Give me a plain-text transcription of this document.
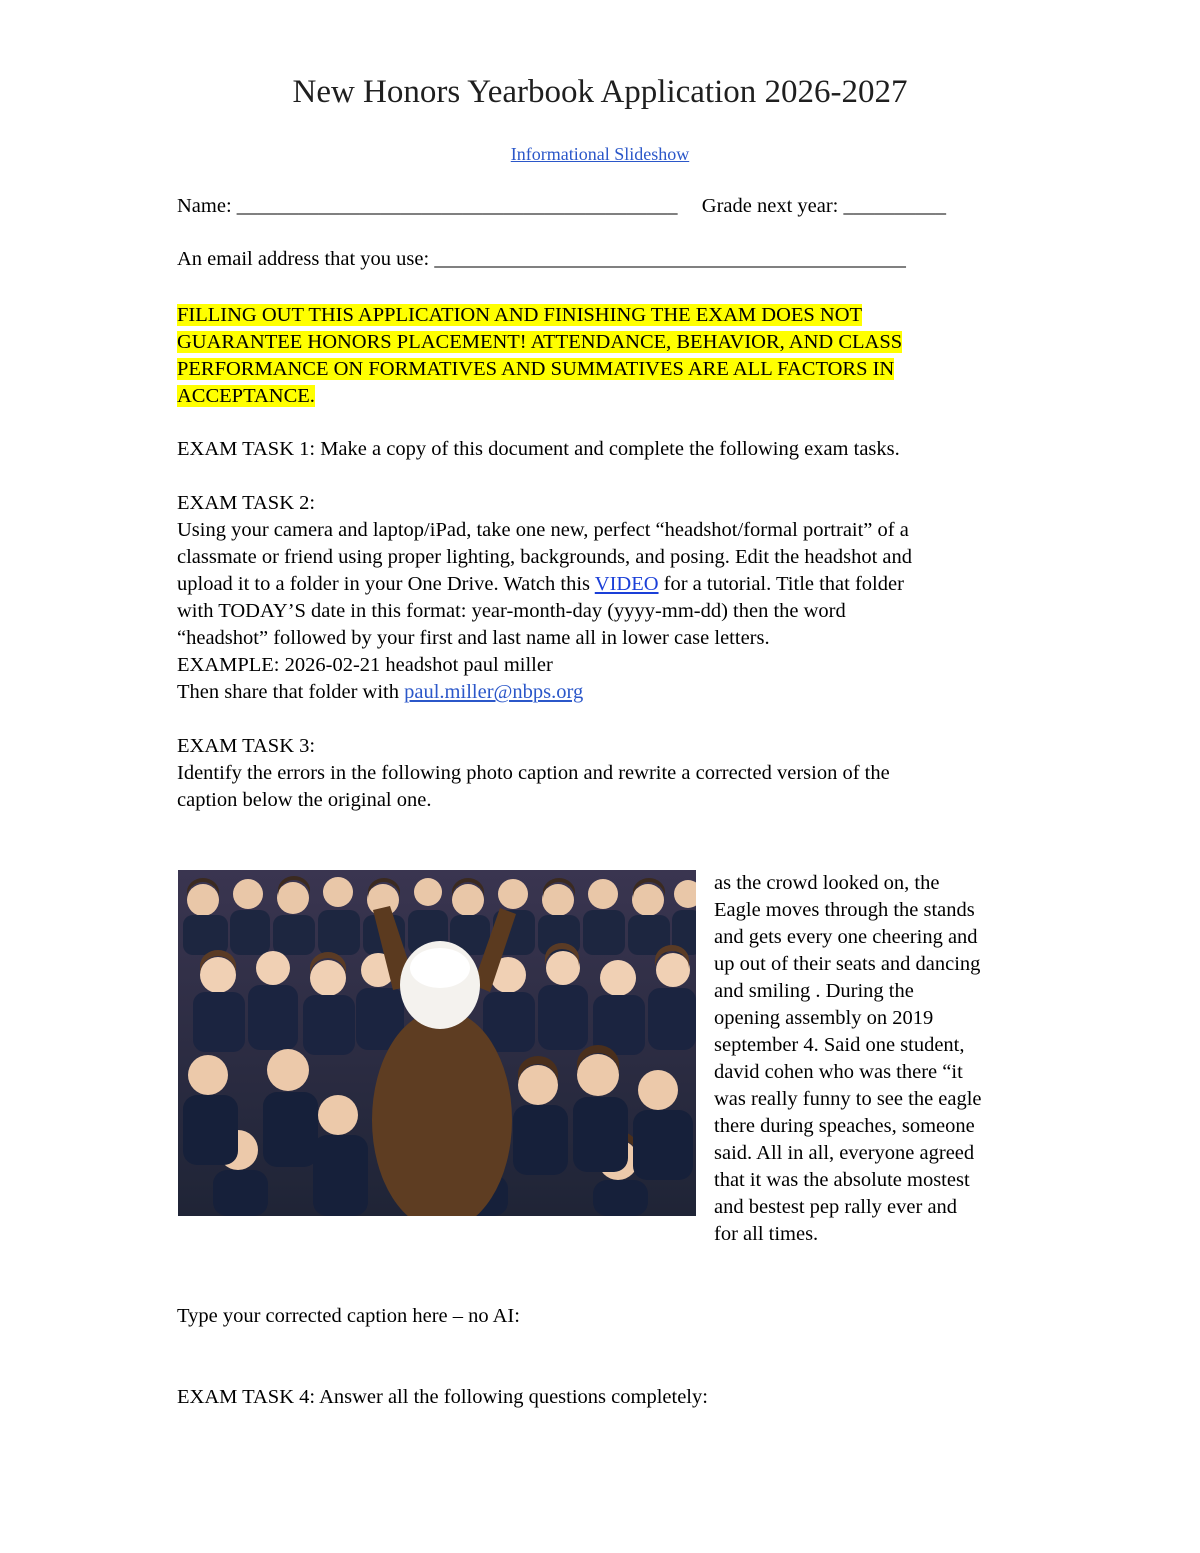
New Honors Yearbook Application 2026-2027
Informational Slideshow
Name: ___________________________________________ Grade next year: __________
An email address that you use: ______________________________________________
FILLING OUT THIS APPLICATION AND FINISHING THE EXAM DOES NOT
GUARANTEE HONORS PLACEMENT! ATTENDANCE, BEHAVIOR, AND CLASS
PERFORMANCE ON FORMATIVES AND SUMMATIVES ARE ALL FACTORS IN
ACCEPTANCE.
EXAM TASK 1: Make a copy of this document and complete the following exam tasks.
EXAM TASK 2:
Using your camera and laptop/iPad, take one new, perfect “headshot/formal portrait” of a
classmate or friend using proper lighting, backgrounds, and posing. Edit the headshot and
upload it to a folder in your One Drive. Watch this VIDEO for a tutorial. Title that folder
with TODAY’S date in this format: year-month-day (yyyy-mm-dd) then the word
“headshot” followed by your first and last name all in lower case letters.
EXAMPLE: 2026-02-21 headshot paul miller
Then share that folder with paul.miller@nbps.org
EXAM TASK 3:
Identify the errors in the following photo caption and rewrite a corrected version of the
caption below the original one.
as the crowd looked on, the
Eagle moves through the stands
and gets every one cheering and
up out of their seats and dancing
and smiling . During the
opening assembly on 2019
september 4. Said one student,
david cohen who was there “it
was really funny to see the eagle
there during speaches, someone
said. All in all, everyone agreed
that it was the absolute mostest
and bestest pep rally ever and
for all times.
Type your corrected caption here – no AI:
EXAM TASK 4: Answer all the following questions completely:
